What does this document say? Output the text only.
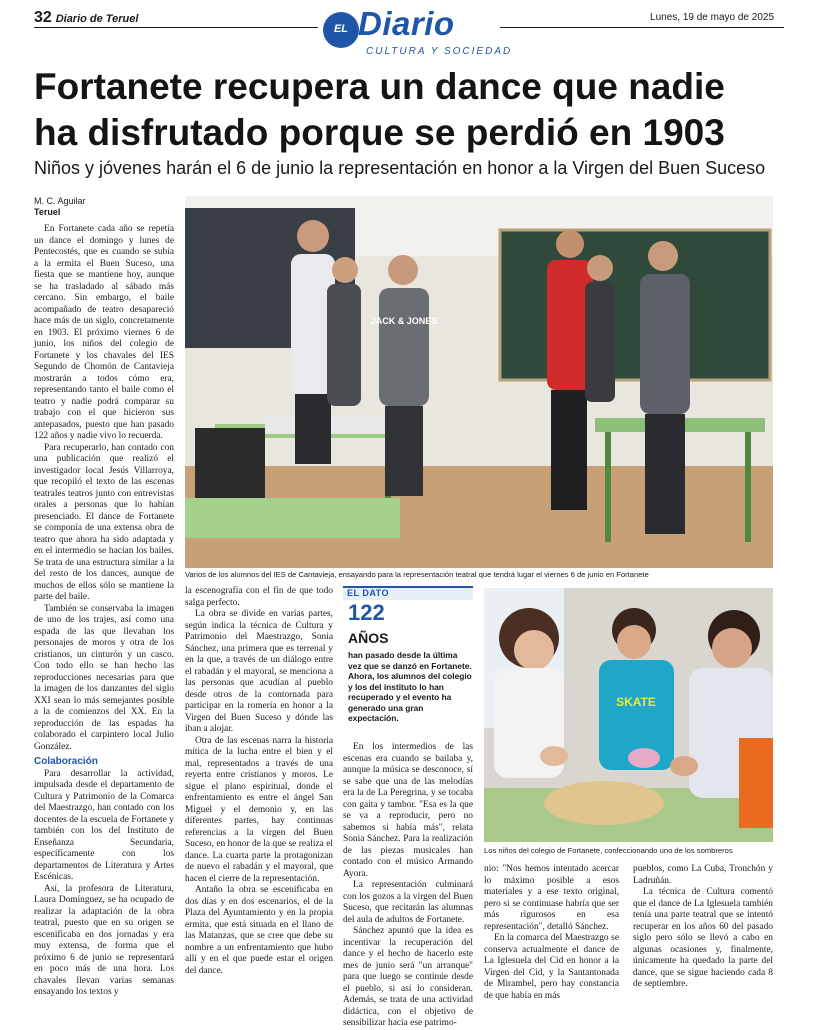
32 Diario de Teruel
EL Diario
CULTURA Y SOCIEDAD
Lunes, 19 de mayo de 2025
Fortanete recupera un dance que nadie
ha disfrutado porque se perdió en 1903
Niños y jóvenes harán el 6 de junio la representación en honor a la Virgen del Buen Suceso
M. C. Aguilar
Teruel

En Fortanete cada año se repetía un dance el domingo y lunes de Pentecostés, que es cuando se subía a la ermita el Buen Suceso, una fiesta que se mantiene hoy, aunque se ha trasladado al sábado más cercano. Sin embargo, el baile acompañado de teatro desapareció hace más de un siglo, concretamente en 1903. El próximo viernes 6 de junio, los niños del colegio de Fortanete y los chavales del IES Segundo de Chomón de Cantavieja mostrarán a todos cómo era, representando tanto el baile como el teatro y nadie podrá comparar su trabajo con el que hicieron sus antepasados, puesto que han pasado 122 años y nadie vivo lo recuerda.

Para recuperarlo, han contado con una publicación que realizó el investigador local Jesús Villarroya, que recopiló el texto de las escenas teatrales teatros junto con entrevistas orales a personas que lo habían presenciado. El dance de Fortanete se componía de una extensa obra de teatro que ahora ha sido adaptada y en el intermedio se hacían los bailes. Se trata de una estructura similar a la del resto de los dances, aunque de muchos de ellos sólo se mantiene la parte del baile.

También se conservaba la imagen de uno de los trajes, así como una espada de las que llevaban los personajes de moros y otra de los cristianos, un cinturón y un casco. Con todo ello se han hecho las reproducciones necesarias para que la imagen de los danzantes del siglo XXI sean lo más semejantes posible a la de comienzos del XX. En la reproducción de las espadas ha colaborado el carpintero local Julio González.

Colaboración

Para desarrollar la actividad, impulsada desde el departamento de Cultura y Patrimonio de la Comarca del Maestrazgo, han contado con los docentes de la escuela de Fortanete y también con los del Instituto de Enseñanza Secundaria, específicamente con los departamentos de Literatura y Artes Escénicas.

Así, la profesora de Literatura, Laura Domínguez, se ha ocupado de realizar la adaptación de la obra teatral, puesto que en su origen se escenificaba en dos jornadas y era muy extensa, de forma que el próximo 6 de junio se representará en poco más de una hora. Los chavales llevan varias semanas ensayando los textos y

JACK & JONES
Varios de los alumnos del IES de Cantavieja, ensayando para la representación teatral que tendrá lugar el viernes 6 de junio en Fortanete

la escenografía con el fin de que todo salga perfecto.

La obra se divide en varias partes, según indica la técnica de Cultura y Patrimonio del Maestrazgo, Sonia Sánchez, una primera que es terrenal y en la que, a través de un diálogo entre el rabadán y el mayoral, se menciona a las personas que acudían al pueblo desde otros de la contornada para participar en la romería en honor a la Virgen del Buen Suceso y dónde las iban a alojar.

Otra de las escenas narra la historia mítica de la lucha entre el bien y el mal, representados a través de una reyerta entre cristianos y moros. Le sigue el plano espiritual, donde el enfrentamiento es entre el ángel San Miguel y el demonio y, en las diferentes partes, hay continuas referencias a la virgen del Buen Suceso, en honor de la que se realiza el dance. La cuarta parte la protagonizan de nuevo el rabadán y el mayoral, que hacen el cierre de la representación.

Antaño la obra se escenificaba en dos días y en dos escenarios, el de la Plaza del Ayuntamiento y en la propia ermita, que está situada en el llano de las Matanzas, que se cree que debe su nombre a un enfrentamiento que hubo allí y en el que puede estar el origen del dance.

EL DATO
122
AÑOS
han pasado desde la última vez que se danzó en Fortanete. Ahora, los alumnos del colegio y los del instituto lo han recuperado y el evento ha generado una gran expectación.

En los intermedios de las escenas era cuando se bailaba y, aunque la música se desconoce, sí se sabe que una de las melodías era la de La Peregrina, y se tocaba con gaita y tambor. "Esa es la que se va a reproducir, pero no sabemos si había más", relata Sonia Sánchez. Para la realización de las piezas musicales han contado con el músico Armando Ayora.

La representación culminará con los gozos a la virgen del Buen Suceso, que recitarán las alumnas del aula de adultos de Fortanete.

Sánchez apuntó que la idea es incentivar la recuperación del dance y el hecho de hacerlo este mes de junio será "un arranque" para que luego se continúe desde el pueblo, si así lo consideran. Además, se trata de una actividad didáctica, con el objetivo de sensibilizar hacia ese patrimo-

SKATE
Los niños del colegio de Fortanete, confeccionando uno de los sombreros

nio: "Nos hemos intentado acercar lo máximo posible a esos materiales y a ese texto original, pero si se continuase habría que ser más rigurosos en esa representación", detalló Sánchez.

En la comarca del Maestrazgo se conserva actualmente el dance de La Iglesuela del Cid en honor a la Virgen del Cid, y la Santantonada de Mirambel, pero hay constancia de que había en más

pueblos, como La Cuba, Tronchón y Ladruñán.

La técnica de Cultura comentó que el dance de La Iglesuela también tenía una parte teatral que se intentó recuperar en los años 60 del pasado siglo pero sólo se llevó a cabo en algunas ocasiones y, finalmente, únicamente ha quedado la parte del dance, que se sigue haciendo cada 8 de septiembre.
